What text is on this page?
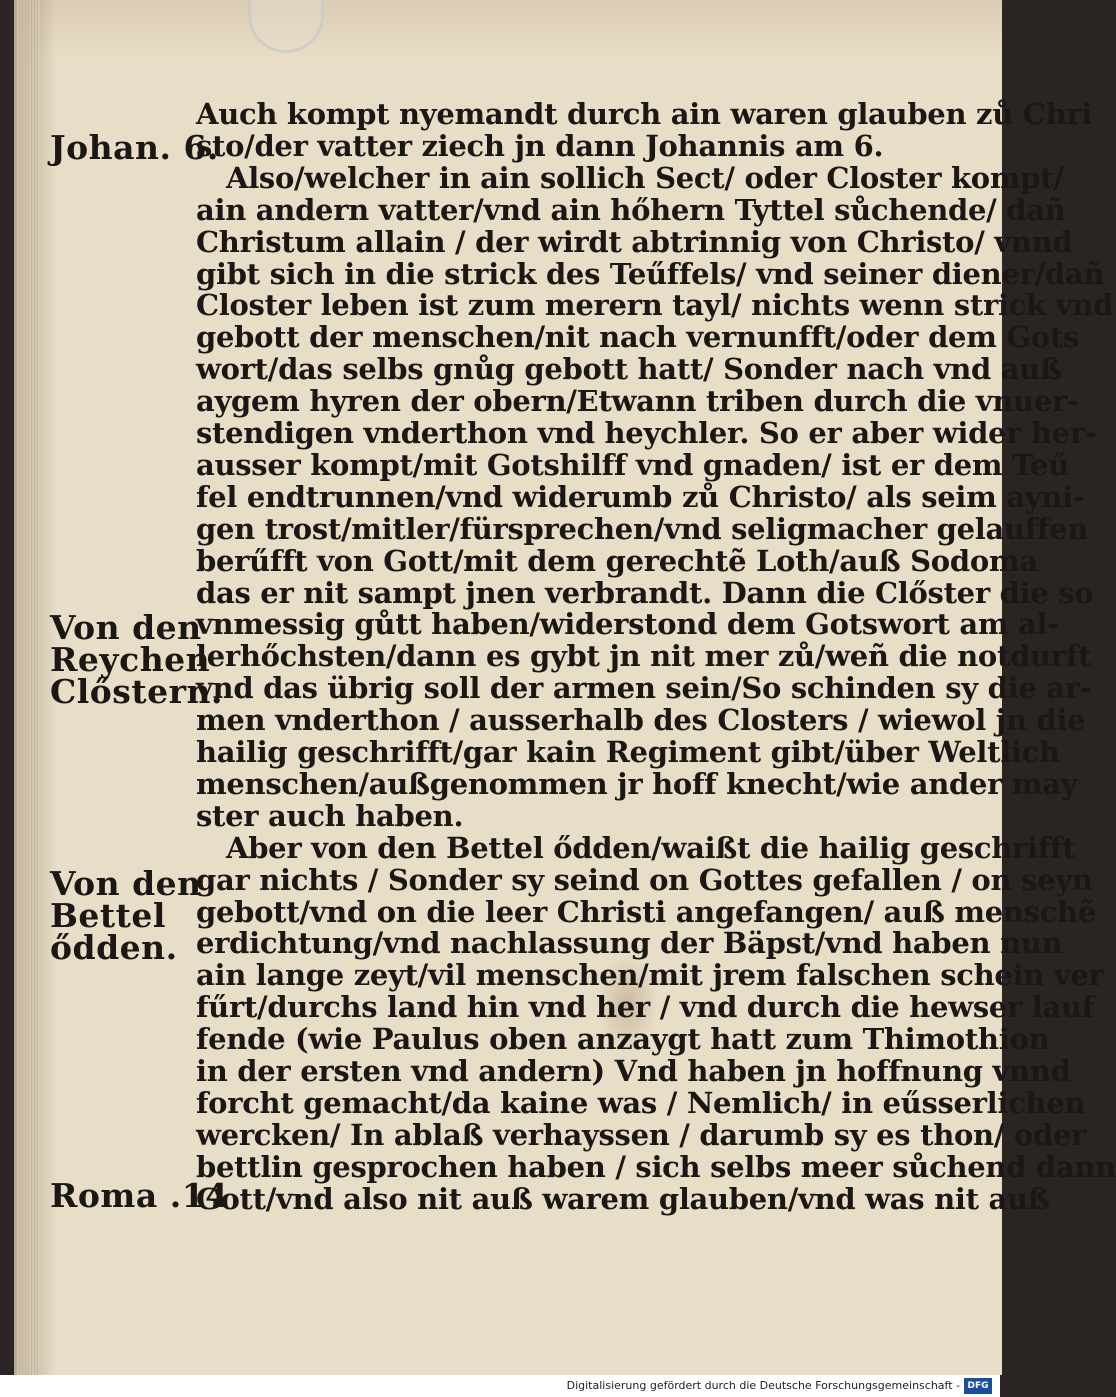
Johan. 6.
Von den
Reychen
Clőstern.
Von den
Bettel
ődden.
Roma .14
Auch kompt nyemandt durch ain waren glauben zů Chri
sto/der vatter ziech jn dann Johannis am 6.
Also/welcher in ain sollich Sect/ oder Closter kompt/
ain andern vatter/vnd ain hőhern Tyttel sůchende/ dañ
Christum allain / der wirdt abtrinnig von Christo/ vnnd
gibt sich in die strick des Teűffels/ vnd seiner diener/dañ
Closter leben ist zum merern tayl/ nichts wenn strick vnd
gebott der menschen/nit nach vernunfft/oder dem Gots
wort/das selbs gnůg gebott hatt/ Sonder nach vnd auß
aygem hyren der obern/Etwann triben durch die vnuer-
stendigen vnderthon vnd heychler. So er aber wider her-
ausser kompt/mit Gotshilff vnd gnaden/ ist er dem Teű
fel endtrunnen/vnd widerumb zů Christo/ als seim ayni-
gen trost/mitler/fürsprechen/vnd seligmacher gelauffen
berűfft von Gott/mit dem gerechtẽ Loth/auß Sodoma
das er nit sampt jnen verbrandt. Dann die Clőster die so
vnmessig gůtt haben/widerstond dem Gotswort am al-
lerhőchsten/dann es gybt jn nit mer zů/weñ die notdurft
vnd das übrig soll der armen sein/So schinden sy die ar-
men vnderthon / ausserhalb des Closters / wiewol jn die
hailig geschrifft/gar kain Regiment gibt/über Weltlich
menschen/außgenommen jr hoff knecht/wie ander may
ster auch haben.
Aber von den Bettel ődden/waißt die hailig geschrifft
gar nichts / Sonder sy seind on Gottes gefallen / on seyn
gebott/vnd on die leer Christi angefangen/ auß menschẽ
erdichtung/vnd nachlassung der Bäpst/vnd haben nun
ain lange zeyt/vil menschen/mit jrem falschen schein ver
fűrt/durchs land hin vnd her / vnd durch die hewser lauf
fende (wie Paulus oben anzaygt hatt zum Thimothion
in der ersten vnd andern) Vnd haben jn hoffnung vnnd
forcht gemacht/da kaine was / Nemlich/ in eűsserlichen
wercken/ In ablaß verhayssen / darumb sy es thon/ oder
bettlin gesprochen haben / sich selbs meer sůchend dann
Gott/vnd also nit auß warem glauben/vnd was nit auß
Digitalisierung gefördert durch die Deutsche Forschungsgemeinschaft - DFG
